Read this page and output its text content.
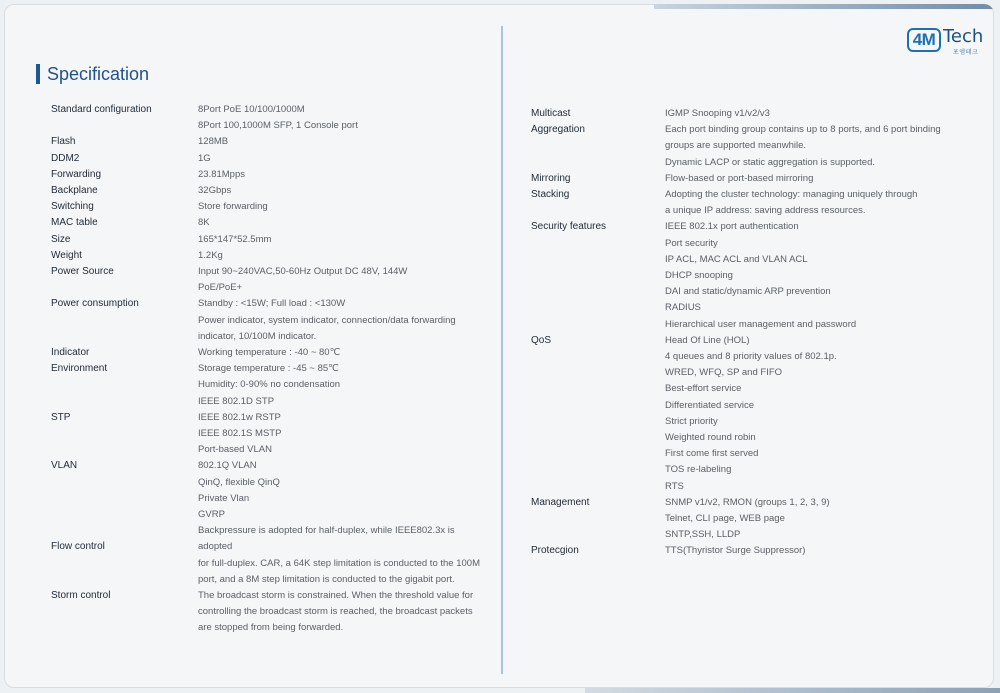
4M Tech
포엠테크
Specification
Standard configuration	8Port PoE 10/100/1000M
8Port 100,1000M SFP, 1 Console port
Flash	128MB
DDM2	1G
Forwarding	23.81Mpps
Backplane	32Gbps
Switching	Store forwarding
MAC table	8K
Size	165*147*52.5mm
Weight	1.2Kg
Power Source	Input 90~240VAC,50-60Hz Output DC 48V, 144W
PoE/PoE+
Power consumption	Standby : <15W; Full load : <130W
Power indicator, system indicator, connection/data forwarding
indicator, 10/100M indicator.
Indicator	Working temperature : -40 ~ 80℃
Environment	Storage temperature : -45 ~ 85℃
Humidity: 0-90% no condensation
IEEE 802.1D STP
STP	IEEE 802.1w RSTP
IEEE 802.1S MSTP
Port-based VLAN
VLAN	802.1Q VLAN
QinQ, flexible QinQ
Private Vlan
GVRP
Backpressure is adopted for half-duplex, while IEEE802.3x is
Flow control	adopted
for full-duplex. CAR, a 64K step limitation is conducted to the 100M
port, and a 8M step limitation is conducted to the gigabit port.
Storm control	The broadcast storm is constrained. When the threshold value for
controlling the broadcast storm is reached, the broadcast packets
are stopped from being forwarded.
Multicast	IGMP Snooping v1/v2/v3
Aggregation	Each port binding group contains up to 8 ports, and 6 port binding
groups are supported meanwhile.
Dynamic LACP or static aggregation is supported.
Mirroring	Flow-based or port-based mirroring
Stacking	Adopting the cluster technology: managing uniquely through
a unique IP address: saving address resources.
Security features	IEEE 802.1x port authentication
Port security
IP ACL, MAC ACL and VLAN ACL
DHCP snooping
DAI and static/dynamic ARP prevention
RADIUS
Hierarchical user management and password
QoS	Head Of Line (HOL)
4 queues and 8 priority values of 802.1p.
WRED, WFQ, SP and FIFO
Best-effort service
Differentiated service
Strict priority
Weighted round robin
First come first served
TOS re-labeling
RTS
Management	SNMP v1/v2, RMON (groups 1, 2, 3, 9)
Telnet, CLI page, WEB page
SNTP,SSH, LLDP
Protecgion	TTS(Thyristor Surge Suppressor)
